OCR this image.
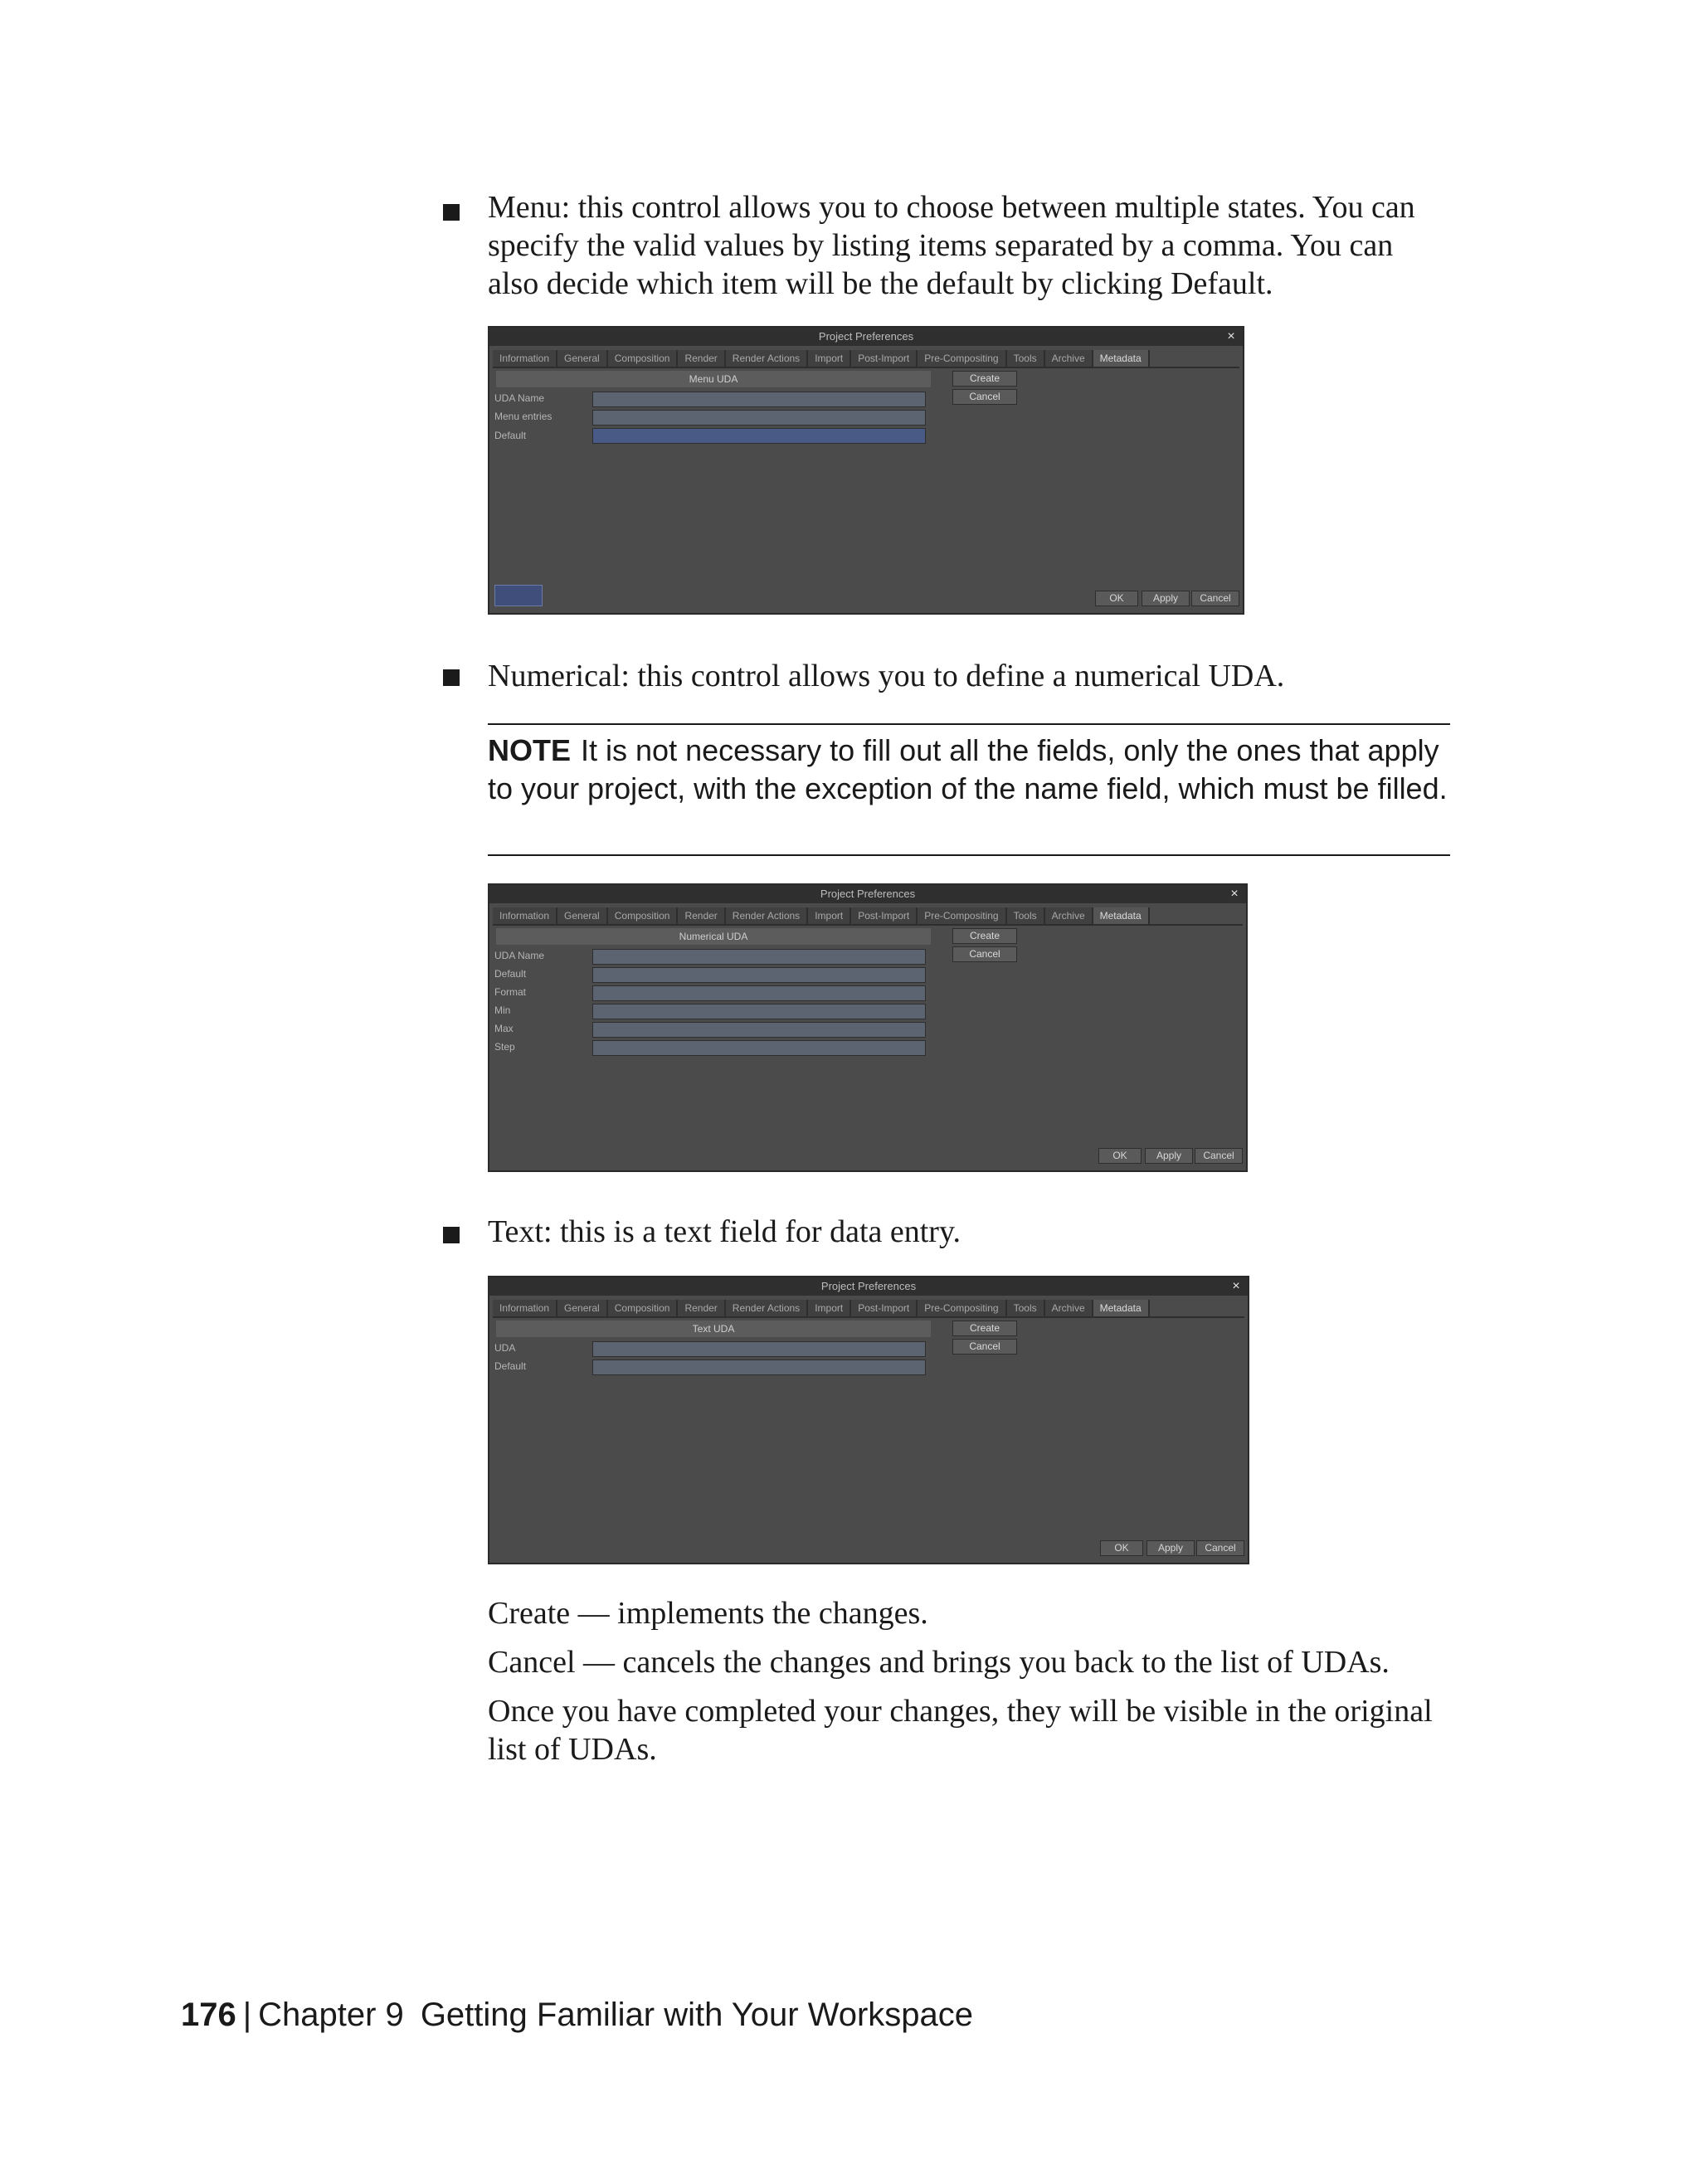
Menu: this control allows you to choose between multiple states. You can specify the valid values by listing items separated by a comma. You can also decide which item will be the default by clicking Default.
Project Preferences	×
Information	General	Composition	Render	Render Actions	Import	Post-Import	Pre-Compositing	Tools	Archive	Metadata
Menu UDA	Create
Cancel
UDA Name
Menu entries
Default
OK	Apply	Cancel
Numerical: this control allows you to define a numerical UDA.
NOTE It is not necessary to fill out all the fields, only the ones that apply to your project, with the exception of the name field, which must be filled.
Project Preferences	×
Information	General	Composition	Render	Render Actions	Import	Post-Import	Pre-Compositing	Tools	Archive	Metadata
Numerical UDA	Create
Cancel
UDA Name
Default
Format
Min
Max
Step
OK	Apply	Cancel
Text: this is a text field for data entry.
Project Preferences	×
Information	General	Composition	Render	Render Actions	Import	Post-Import	Pre-Compositing	Tools	Archive	Metadata
Text UDA	Create
Cancel
UDA
Default
OK	Apply	Cancel
Create — implements the changes.
Cancel — cancels the changes and brings you back to the list of UDAs.
Once you have completed your changes, they will be visible in the original list of UDAs.
176 | Chapter 9 Getting Familiar with Your Workspace
